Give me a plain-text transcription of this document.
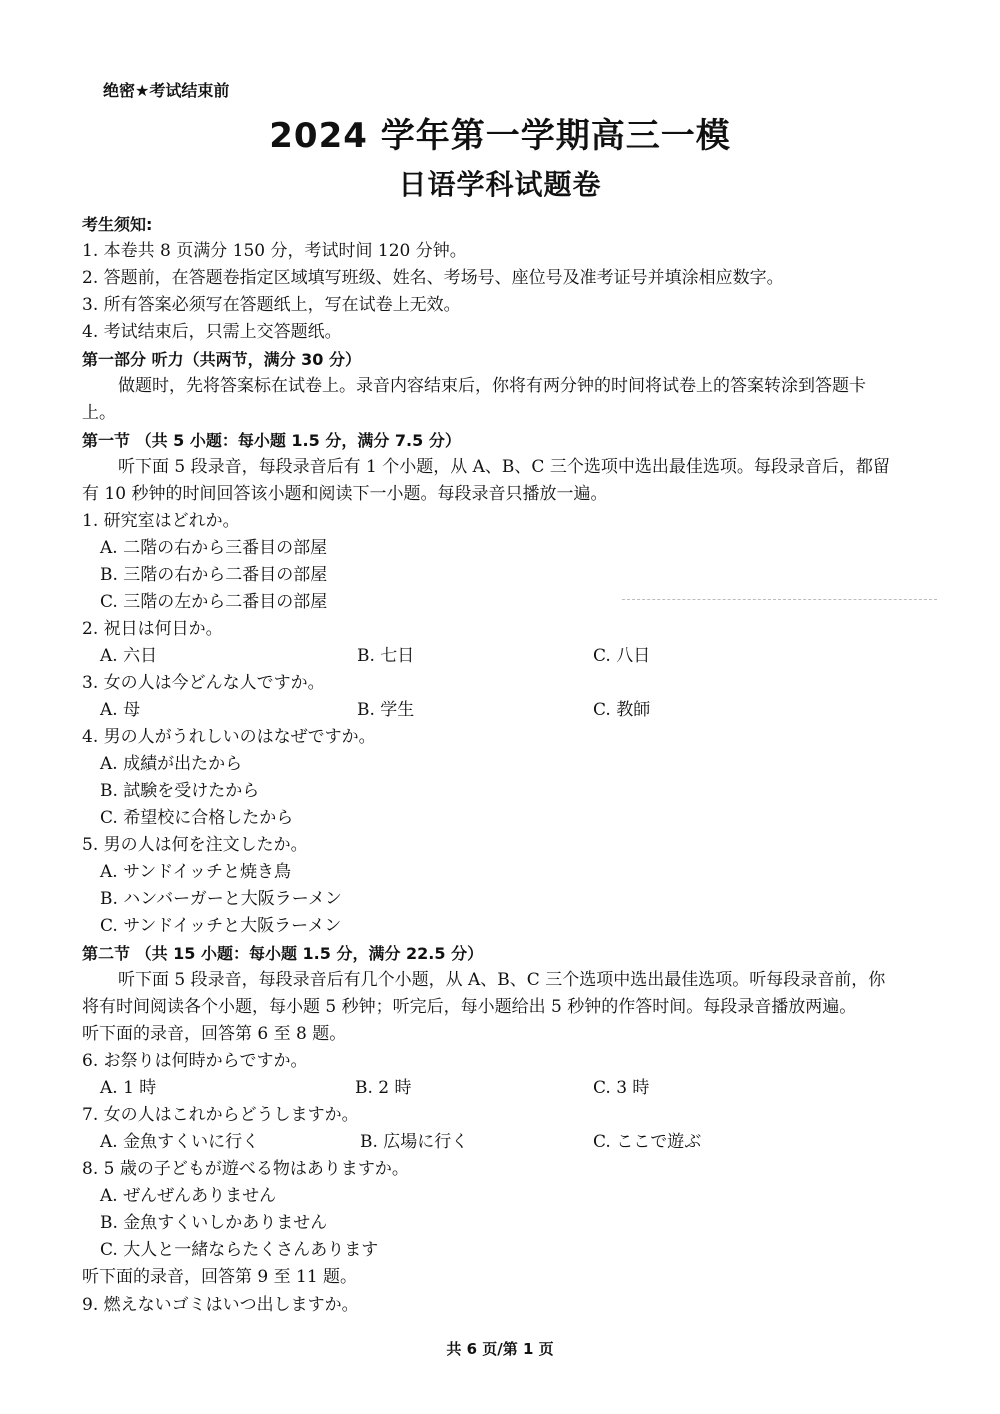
绝密★考试结束前
2024 学年第一学期高三一模
日语学科试题卷
考生须知:
1. 本卷共 8 页满分 150 分，考试时间 120 分钟。
2. 答题前，在答题卷指定区域填写班级、姓名、考场号、座位号及准考证号并填涂相应数字。
3. 所有答案必须写在答题纸上，写在试卷上无效。
4. 考试结束后，只需上交答题纸。
第一部分 听力（共两节，满分 30 分）
做题时，先将答案标在试卷上。录音内容结束后，你将有两分钟的时间将试卷上的答案转涂到答题卡
上。
第一节 （共 5 小题：每小题 1.5 分，满分 7.5 分）
听下面 5 段录音，每段录音后有 1 个小题，从 A、B、C 三个选项中选出最佳选项。每段录音后，都留
有 10 秒钟的时间回答该小题和阅读下一小题。每段录音只播放一遍。
1. 研究室はどれか。
A. 二階の右から三番目の部屋
B. 三階の右から二番目の部屋
C. 三階の左から二番目の部屋
2. 祝日は何日か。
A. 六日	B. 七日	C. 八日
3. 女の人は今どんな人ですか。
A. 母	B. 学生	C. 教師
4. 男の人がうれしいのはなぜですか。
A. 成績が出たから
B. 試験を受けたから
C. 希望校に合格したから
5. 男の人は何を注文したか。
A. サンドイッチと焼き鳥
B. ハンバーガーと大阪ラーメン
C. サンドイッチと大阪ラーメン
第二节 （共 15 小题：每小题 1.5 分，满分 22.5 分）
听下面 5 段录音，每段录音后有几个小题，从 A、B、C 三个选项中选出最佳选项。听每段录音前，你
将有时间阅读各个小题，每小题 5 秒钟；听完后，每小题给出 5 秒钟的作答时间。每段录音播放两遍。
听下面的录音，回答第 6 至 8 题。
6. お祭りは何時からですか。
A. 1 時	B. 2 時	C. 3 時
7. 女の人はこれからどうしますか。
A. 金魚すくいに行く	B. 広場に行く	C. ここで遊ぶ
8. 5 歳の子どもが遊べる物はありますか。
A. ぜんぜんありません
B. 金魚すくいしかありません
C. 大人と一緒ならたくさんあります
听下面的录音，回答第 9 至 11 题。
9. 燃えないゴミはいつ出しますか。
共 6 页/第 1 页
